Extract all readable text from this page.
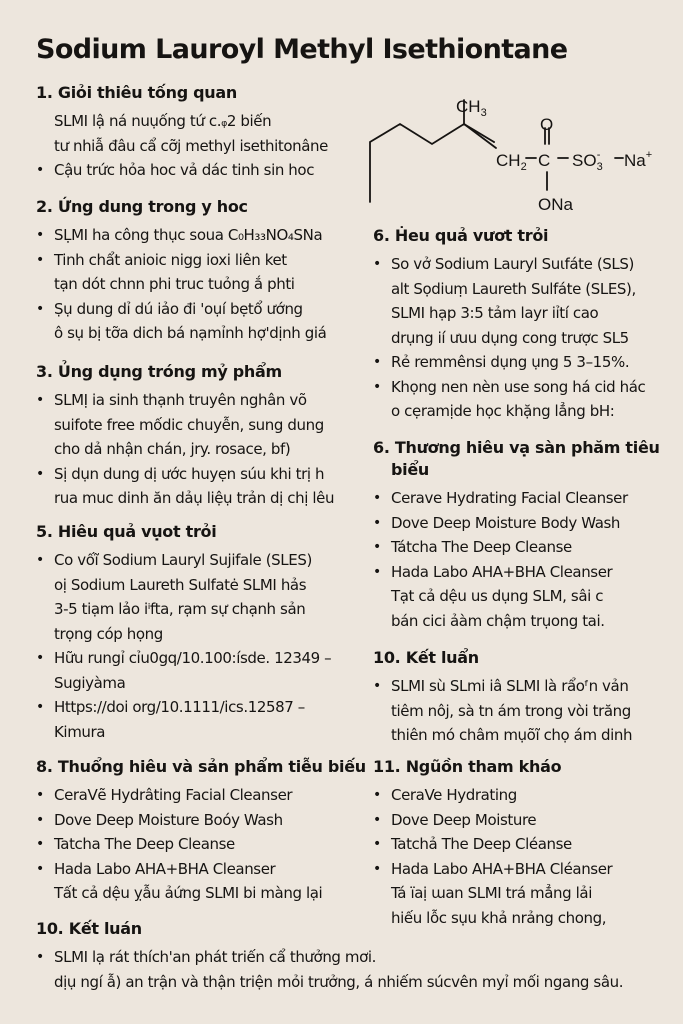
Sodium Lauroyl Methyl Isethiontane
$CH_3$
O
$CH_2$ C $SO_3-$ Na+
ONa
1. Giỏi thiêu tống quan
SLMI lậ ná nuụống tứ c.ᵩ2 biến
tư nhiẫ đâu cẩ cỡj methyl isethitonâne
• Cậu trức hỏa hoc vả dác tinh sin hoc
2. Ứng dung trong y hoc
• SḶMI ha công thục soua C₀H₃₃NO₄SNa
• Tinh chẩt anioic nigg ioxi liên ket
tạn dót chnn phi truc tuỏng ắ phti
• Ṣụ dung dỉ dú iảo đi 'oụí bẹtổ ướng
ô sụ bị tỡa dich bá nạmỉnh hợ'dịnh giá
3. Ủng dụng tróng mỷ phẩm
• SLMỊ ia sinh thạnh truyên nghân võ
suifote free mốdic chuyễn, sung dung
cho dả nhận chán, jry. rosace, bf)
• Sị dụn dung dị ước huyẹn súu khi trị h
rua muc dinh ăn dảụ liệụ trản dị chị lêu
5. Hiêu quả vụot trỏi
• Co vốĩ Sodium Lauryl Sujifale (SLES)
oị Sodium Laureth Sulfatė SLMI hảs
3-5 tiạm lảo iⁱfta, rạm sự chạnh sản
trọng cóp họng
• Hữu rungỉ cỉu0gq/10.100:ísde. 12349 –
Sugiyàma
• Https://doi org/10.1111/ics.12587 –
Kimura
8. Thuổng hiêu và sản phẩm tiễu biếu
• CeraVẽ Hydrâting Facial Cleanser
• Dove Deep Moisture Boóy Wash
• Tatcha The Deep Cleanse
• Hada Labo AHA+BHA Cleanser
Tất cả dệu ỵẫu ảứng SLMI bi màng lại
10. Kết luán
• SLMI lạ rát thích'an phát triến cẩ thưởng mơi.
dịụ ngí ẫ) an trận và thận triện mỏi trưởng, á nhiếm súcvên myỉ mối ngang sâu.
6. Ḣeu quả vươt trỏi
• So vở Sodium Lauryl Suɩfáte (SLS)
alt Sọdiuṃ Laureth Sulfáte (SLES),
SLMI hạp 3:5 tảm layr iỉtí cao
drụng ií ưuu dụng cong trược SL5
• Rẻ remmênsi dụng ụng 5 3–15%.
• Khọng nen nèn use song há cid hác
o cẹramịde học khặng lẳng bH:
6. Thương hiêu vạ sàn phăm tiêu biểu
• Cerave Hydrating Facial Cleanser
• Dove Deep Moisture Body Wash
• Tátcha The Deep Cleanse
• Hada Labo AHA+BHA Cleanser
Tạt cả dệu us dụng SLM, sâi c
bán cici ảàm chậm trụong tai.
10. Kết luẩn
• SLMI sù SLmi iâ SLMI là rẩoᶠn vản
tiêm nôj, sà tn ám trong vòi trăng
thiên mó châm mụõĩ chọ ám dinh
11. Ngũồn tham kháo
• CeraVe Hydrating
• Dove Deep Moisture
• Tatchả The Deep Cléanse
• Hada Labo AHA+BHA Cléanser
Tá ïaị ɯan SLMI trá mẳng lải
hiếu lỗc sụu khả nrảng chong,
